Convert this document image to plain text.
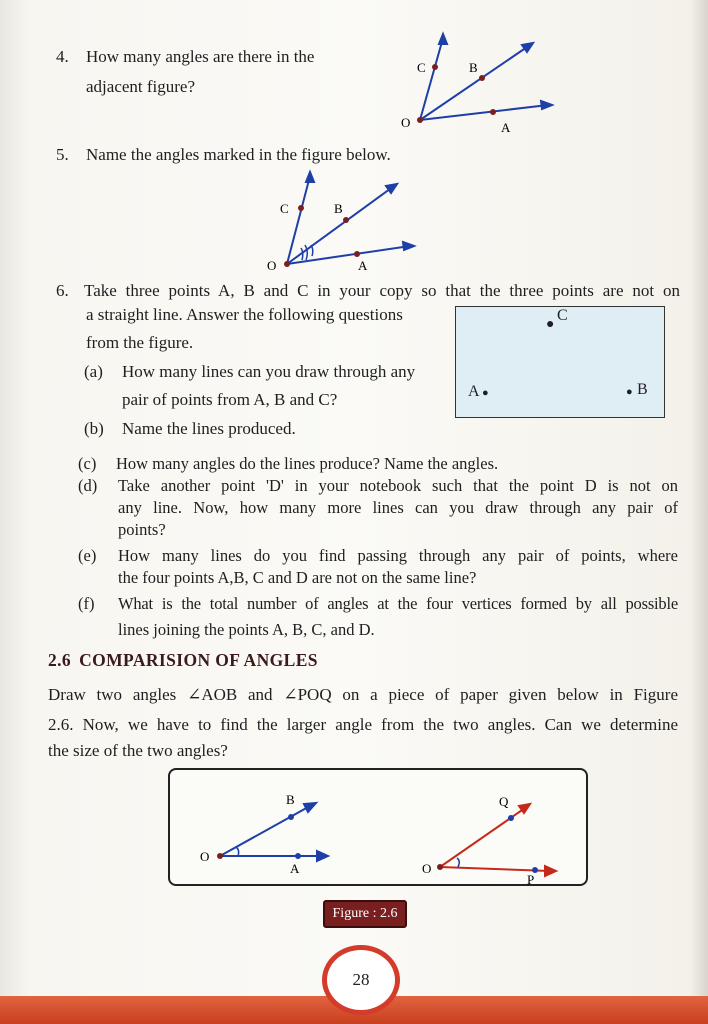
4. How many angles are there in the
adjacent figure?
C	B
O	A
5. Name the angles marked in the figure below.
C	B
O	A
6. Take three points A, B and C in your copy so that the three points are not on
a straight line. Answer the following questions
from the figure.
●
C
A ●	● B
(a) How many lines can you draw through any
pair of points from A, B and C?
(b) Name the lines produced.
(c) How many angles do the lines produce? Name the angles.
(d) Take another point 'D' in your notebook such that the point D is not on
any line. Now, how many more lines can you draw through any pair of
points?
(e) How many lines do you find passing through any pair of points, where
the four points A,B, C and D are not on the same line?
(f) What is the total number of angles at the four vertices formed by all possible
lines joining the points A, B, C, and D.
2.6 COMPARISION OF ANGLES
Draw two angles ∠AOB and ∠POQ on a piece of paper given below in Figure
2.6. Now, we have to find the larger angle from the two angles. Can we determine
the size of the two angles?
B
O
A
Q
O
P
Figure : 2.6
28
